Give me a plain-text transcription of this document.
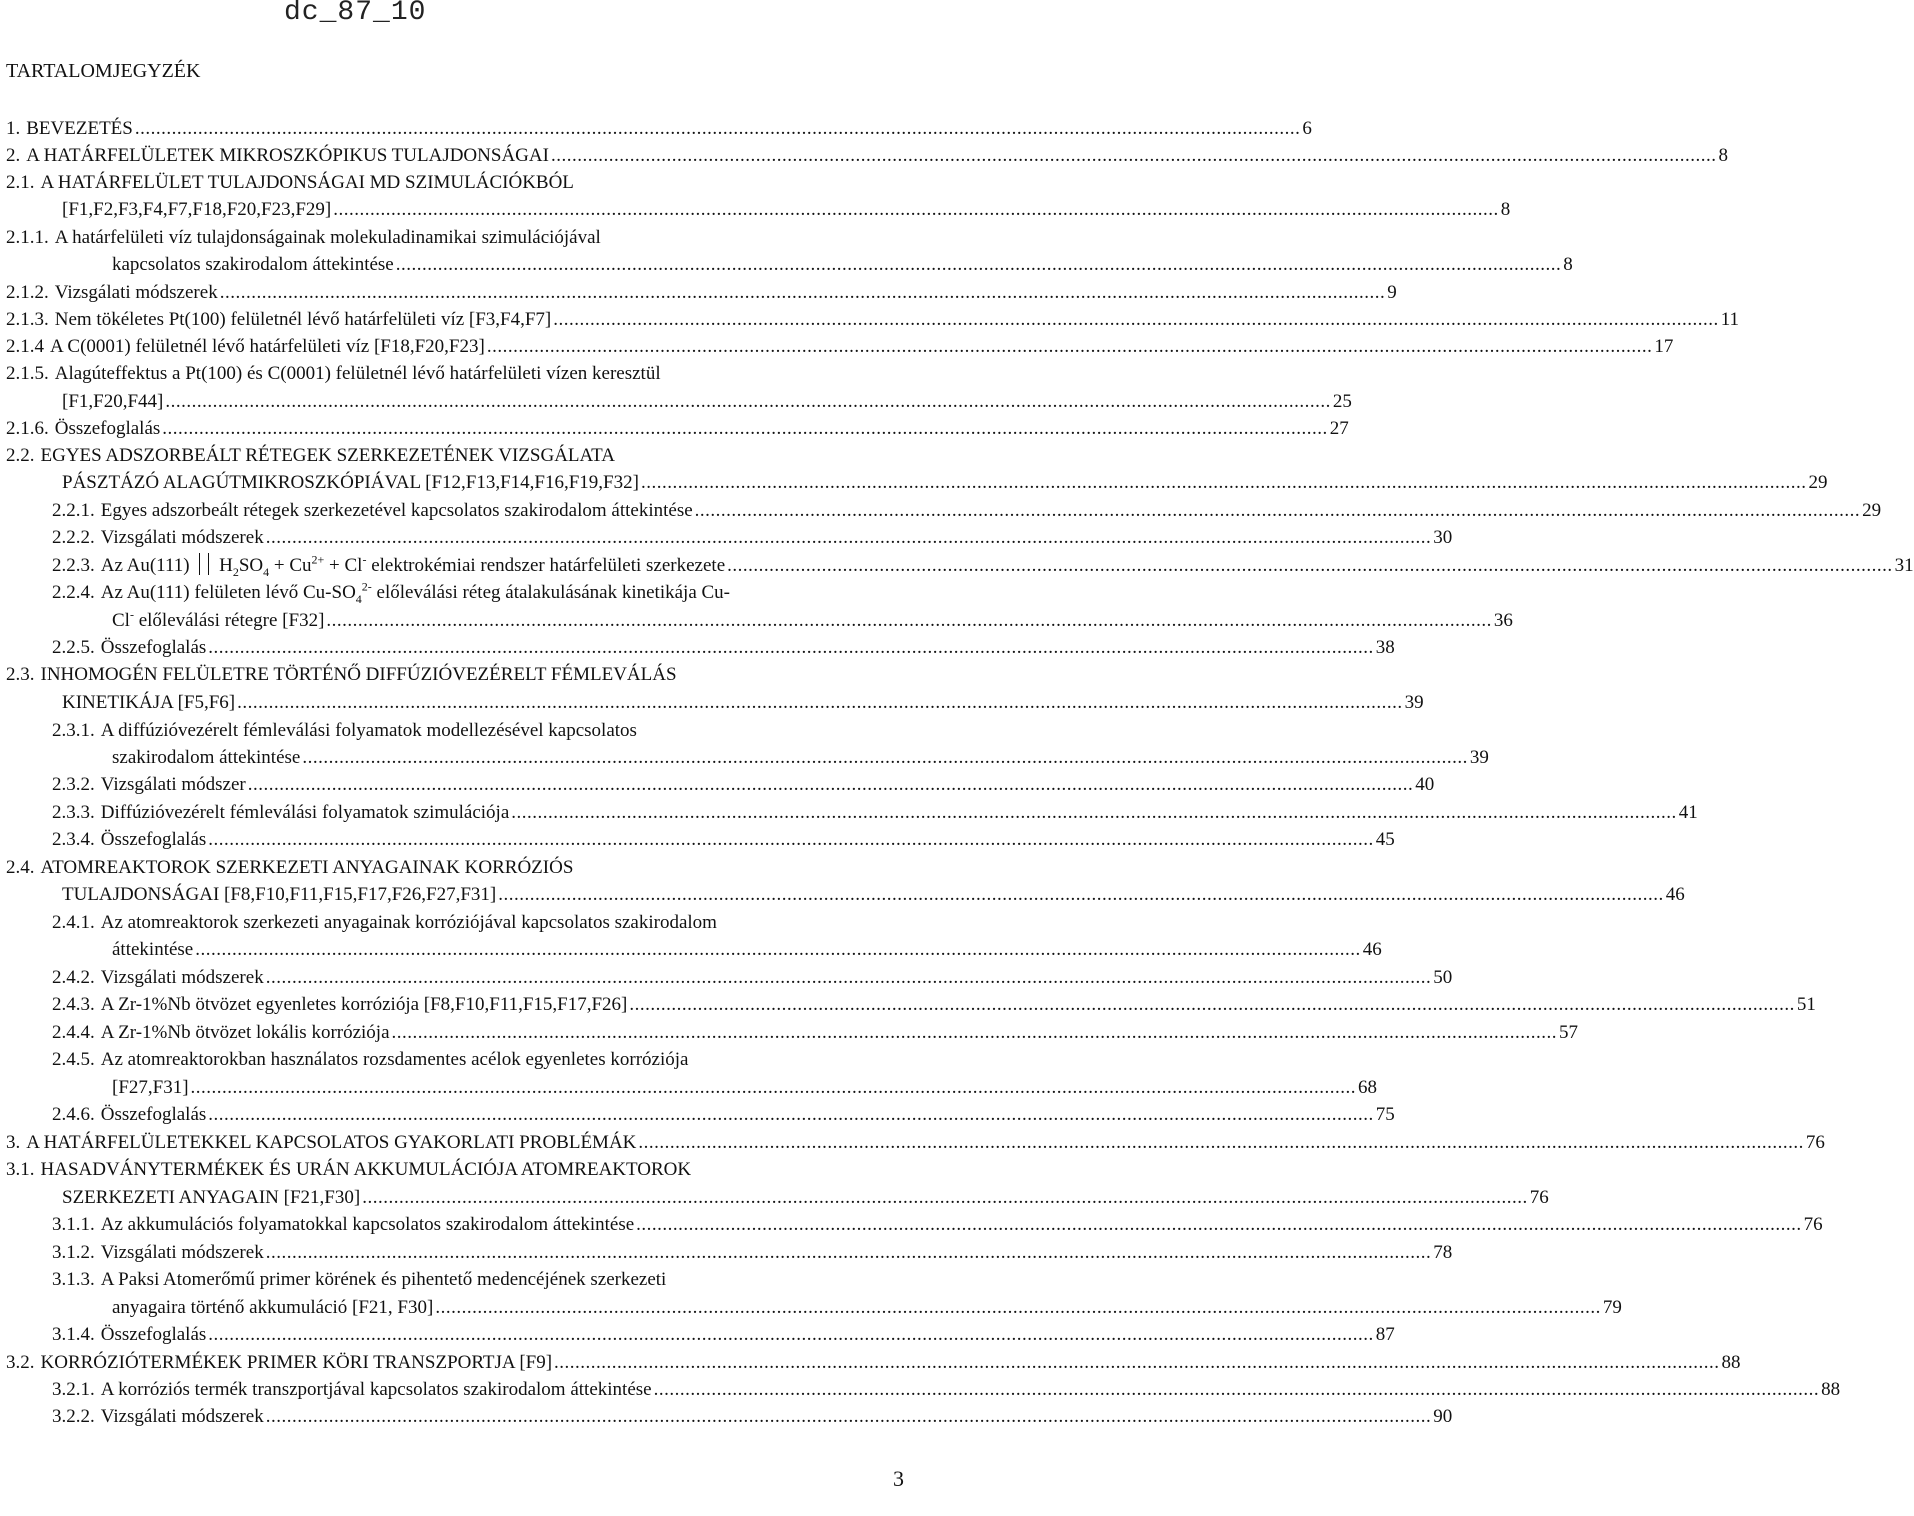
dc_87_10
TARTALOMJEGYZÉK
1. BEVEZETÉS .....	6
2. A HATÁRFELÜLETEK MIKROSZKÓPIKUS TULAJDONSÁGAI .....	8
2.1. A HATÁRFELÜLET TULAJDONSÁGAI MD SZIMULÁCIÓKBÓL
[F1,F2,F3,F4,F7,F18,F20,F23,F29] .....	8
2.1.1. A határfelületi víz tulajdonságainak molekuladinamikai szimulációjával
kapcsolatos szakirodalom áttekintése .....	8
2.1.2. Vizsgálati módszerek .....	9
2.1.3. Nem tökéletes Pt(100) felületnél lévő határfelületi víz [F3,F4,F7] .....	11
2.1.4 A C(0001) felületnél lévő határfelületi víz [F18,F20,F23] .....	17
2.1.5. Alagúteffektus a Pt(100) és C(0001) felületnél lévő határfelületi vízen keresztül
[F1,F20,F44] .....	25
2.1.6. Összefoglalás .....	27
2.2. EGYES ADSZORBEÁLT RÉTEGEK SZERKEZETÉNEK VIZSGÁLATA
PÁSZTÁZÓ ALAGÚTMIKROSZKÓPIÁVAL [F12,F13,F14,F16,F19,F32] .....	29
2.2.1. Egyes adszorbeált rétegek szerkezetével kapcsolatos szakirodalom áttekintése .....	29
2.2.2. Vizsgálati módszerek .....	30
2.2.3. Az Au(111)  $H_2SO_4 + Cu^{2+} + Cl^-$ elektrokémiai rendszer határfelületi szerkezete .....	31
2.2.4. Az Au(111) felületen lévő $Cu-SO_4^{2-}$ előleválási réteg átalakulásának kinetikája Cu-
Cl- előleválási rétegre [F32] .....	36
2.2.5. Összefoglalás .....	38
2.3. INHOMOGÉN FELÜLETRE TÖRTÉNŐ DIFFÚZIÓVEZÉRELT FÉMLEVÁLÁS
KINETIKÁJA [F5,F6] .....	39
2.3.1. A diffúzióvezérelt fémleválási folyamatok modellezésével kapcsolatos
szakirodalom áttekintése .....	39
2.3.2. Vizsgálati módszer .....	40
2.3.3. Diffúzióvezérelt fémleválási folyamatok szimulációja .....	41
2.3.4. Összefoglalás .....	45
2.4. ATOMREAKTOROK SZERKEZETI ANYAGAINAK KORRÓZIÓS
TULAJDONSÁGAI [F8,F10,F11,F15,F17,F26,F27,F31] .....	46
2.4.1. Az atomreaktorok szerkezeti anyagainak korróziójával kapcsolatos szakirodalom
áttekintése .....	46
2.4.2. Vizsgálati módszerek .....	50
2.4.3. A Zr-1%Nb ötvözet egyenletes korróziója [F8,F10,F11,F15,F17,F26] .....	51
2.4.4. A Zr-1%Nb ötvözet lokális korróziója .....	57
2.4.5. Az atomreaktorokban használatos rozsdamentes acélok egyenletes korróziója
[F27,F31] .....	68
2.4.6. Összefoglalás .....	75
3. A HATÁRFELÜLETEKKEL KAPCSOLATOS GYAKORLATI PROBLÉMÁK .....	76
3.1. HASADVÁNYTERMÉKEK ÉS URÁN AKKUMULÁCIÓJA ATOMREAKTOROK
SZERKEZETI ANYAGAIN [F21,F30] .....	76
3.1.1. Az akkumulációs folyamatokkal kapcsolatos szakirodalom áttekintése .....	76
3.1.2. Vizsgálati módszerek .....	78
3.1.3. A Paksi Atomerőmű primer körének és pihentető medencéjének szerkezeti
anyagaira történő akkumuláció [F21, F30] .....	79
3.1.4. Összefoglalás .....	87
3.2. KORRÓZIÓTERMÉKEK PRIMER KÖRI TRANSZPORTJA [F9] .....	88
3.2.1. A korróziós termék transzportjával kapcsolatos szakirodalom áttekintése .....	88
3.2.2. Vizsgálati módszerek .....	90
3
